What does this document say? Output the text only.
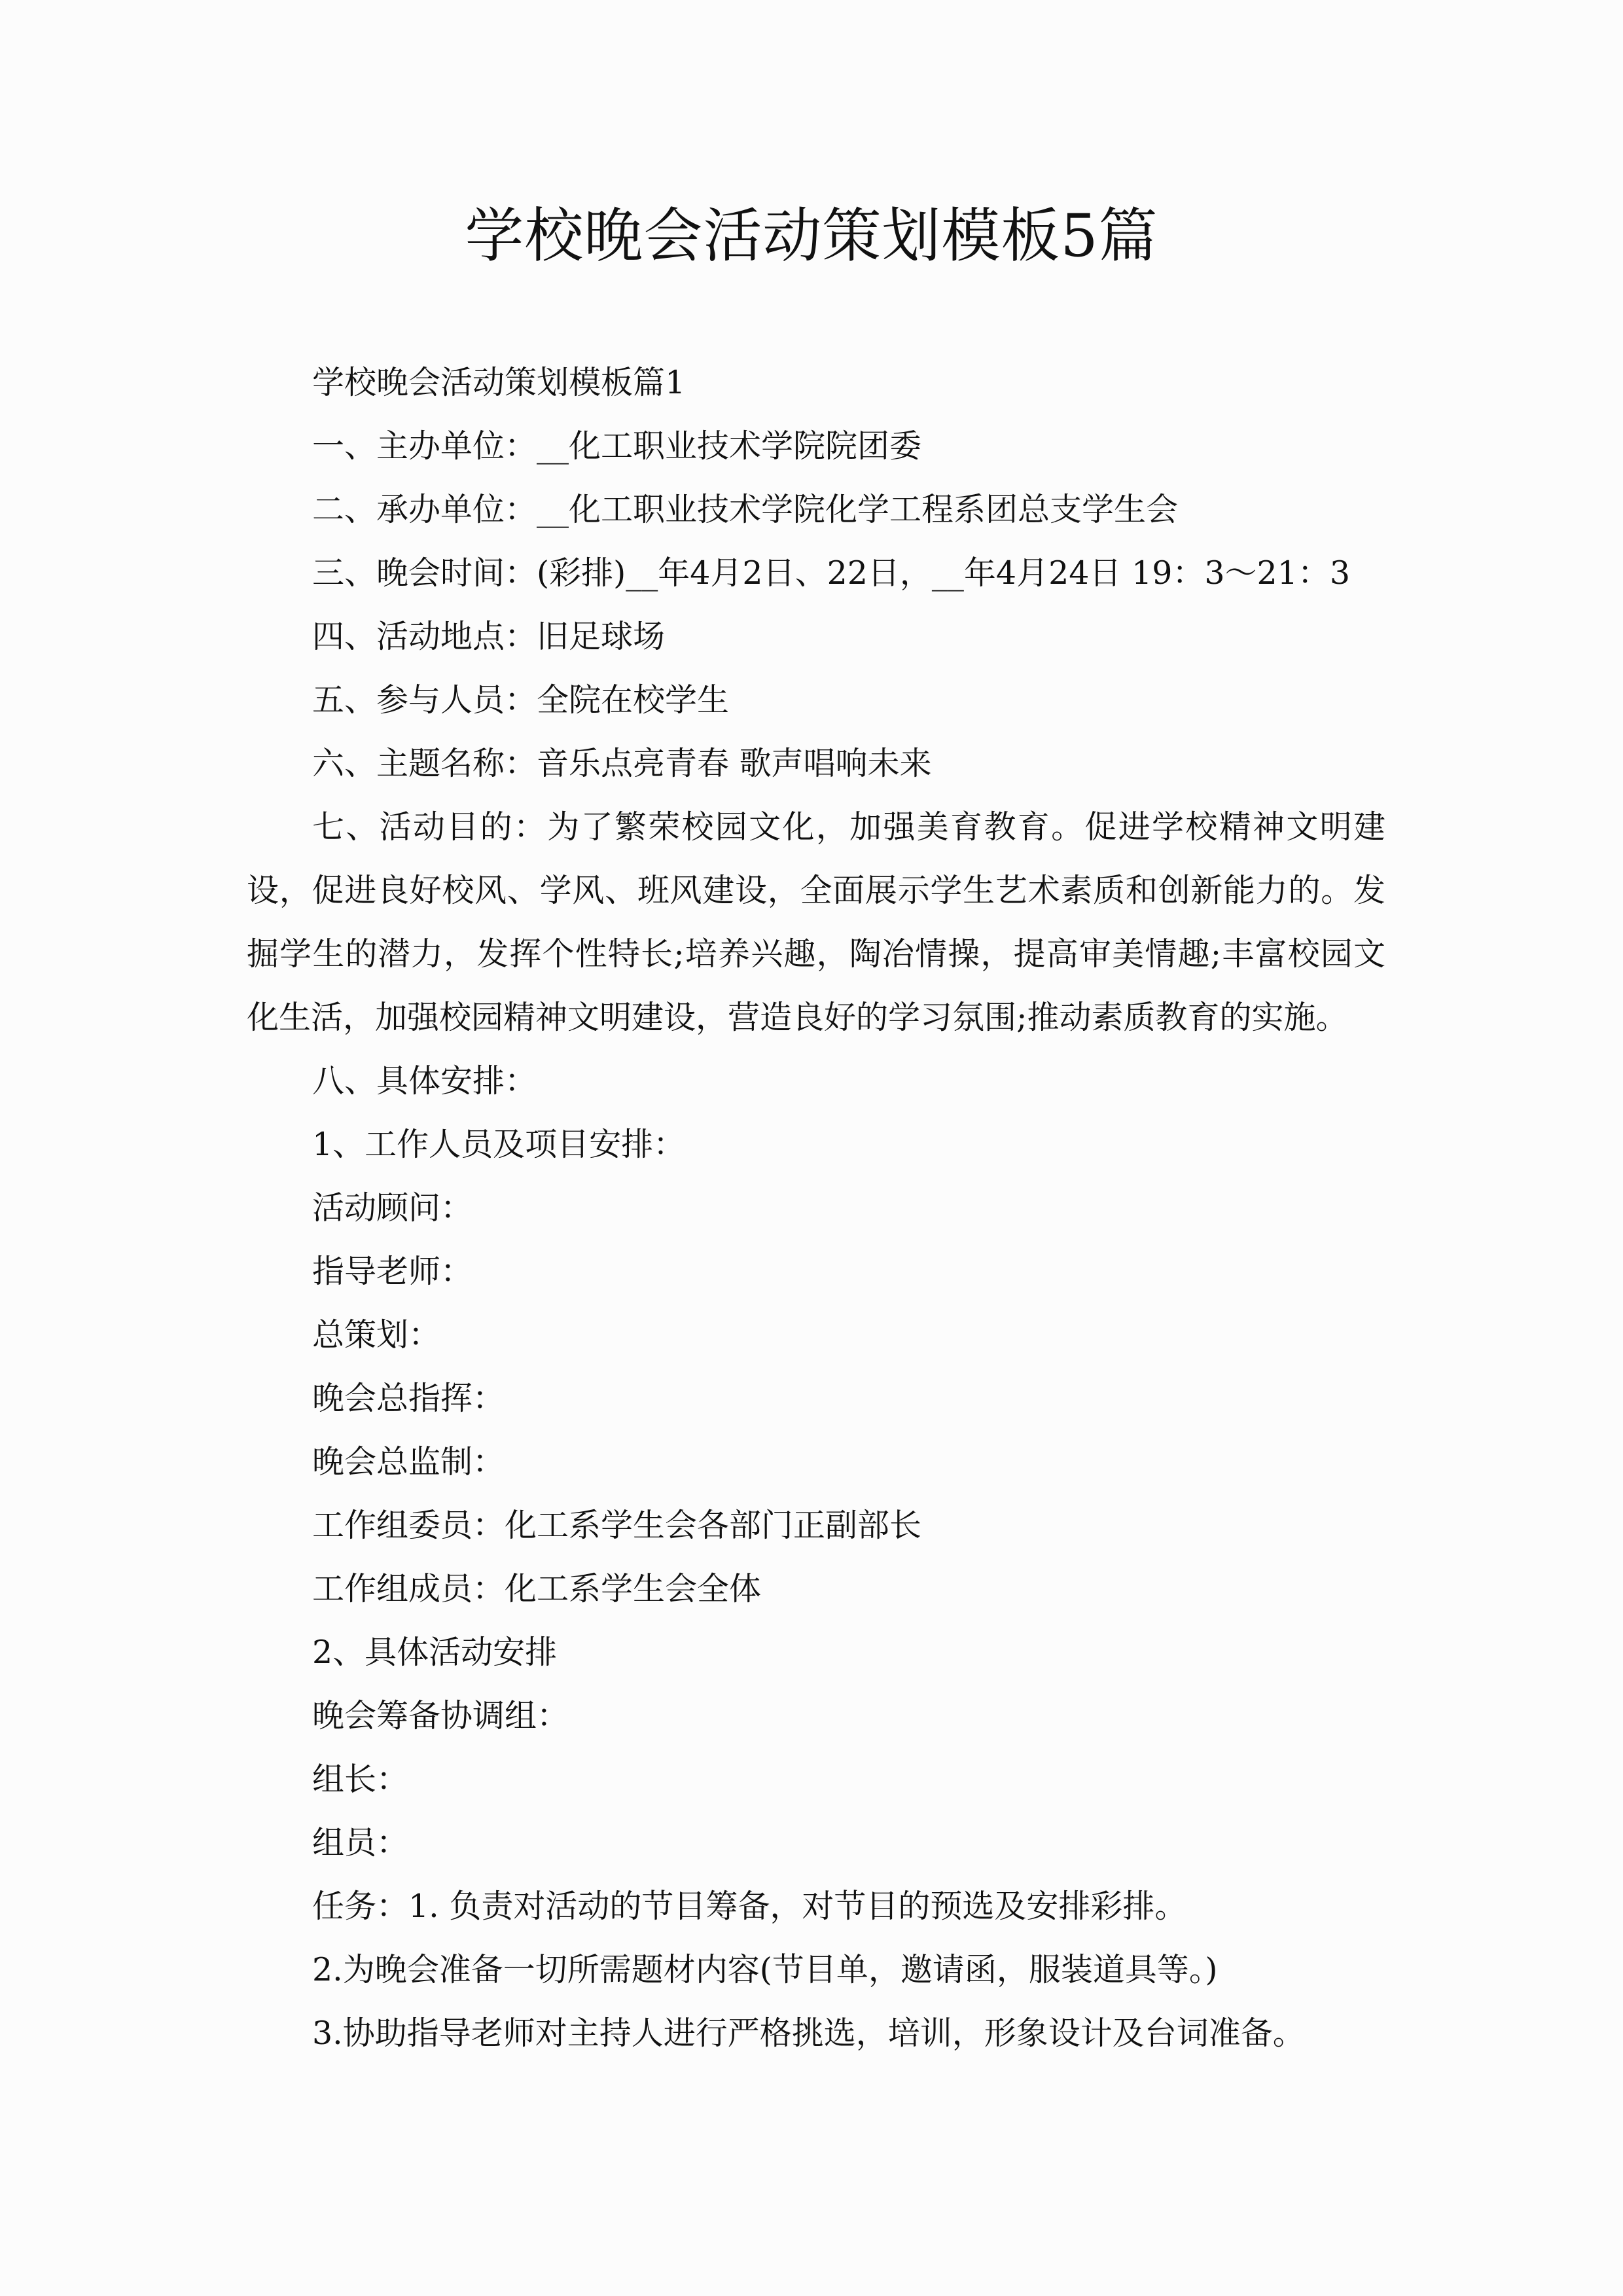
学校晚会活动策划模板5篇

学校晚会活动策划模板篇1

一、主办单位：__化工职业技术学院院团委

二、承办单位：__化工职业技术学院化学工程系团总支学生会

三、晚会时间：(彩排)__年4月2日、22日，__年4月24日 19：3～21：3

四、活动地点：旧足球场

五、参与人员：全院在校学生

六、主题名称：音乐点亮青春 歌声唱响未来

七、活动目的：为了繁荣校园文化，加强美育教育。促进学校精神文明建设，促进良好校风、学风、班风建设，全面展示学生艺术素质和创新能力的。发掘学生的潜力，发挥个性特长;培养兴趣，陶冶情操，提高审美情趣;丰富校园文化生活，加强校园精神文明建设，营造良好的学习氛围;推动素质教育的实施。

八、具体安排：

1、工作人员及项目安排：

活动顾问：

指导老师：

总策划：

晚会总指挥：

晚会总监制：

工作组委员：化工系学生会各部门正副部长

工作组成员：化工系学生会全体

2、具体活动安排

晚会筹备协调组：

组长：

组员：

任务：1. 负责对活动的节目筹备，对节目的预选及安排彩排。

2.为晚会准备一切所需题材内容(节目单，邀请函，服装道具等。)

3.协助指导老师对主持人进行严格挑选，培训，形象设计及台词准备。
